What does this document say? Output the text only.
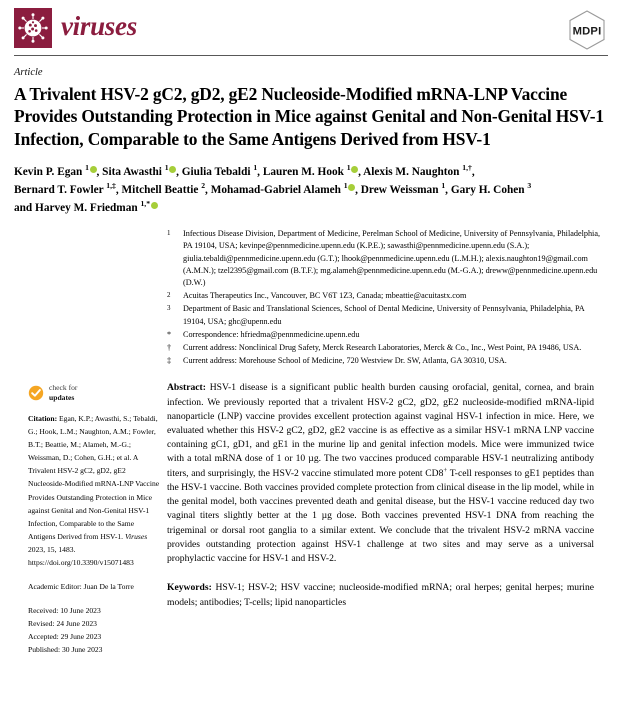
viruses	MDPI
Article
A Trivalent HSV-2 gC2, gD2, gE2 Nucleoside-Modified mRNA-LNP Vaccine Provides Outstanding Protection in Mice against Genital and Non-Genital HSV-1 Infection, Comparable to the Same Antigens Derived from HSV-1
Kevin P. Egan $^1$ , Sita Awasthi $^1$ , Giulia Tebaldi $^1$, Lauren M. Hook $^1$ , Alexis M. Naughton $^{1,\dagger}$,
Bernard T. Fowler $^{1,\ddagger}$, Mitchell Beattie $^2$, Mohamad-Gabriel Alameh $^1$ , Drew Weissman $^1$, Gary H. Cohen $^3$
and Harvey M. Friedman $^{1,*}$
1	Infectious Disease Division, Department of Medicine, Perelman School of Medicine, University of Pennsylvania, Philadelphia, PA 19104, USA; kevinpe@pennmedicine.upenn.edu (K.P.E.); sawasthi@pennmedicine.upenn.edu (S.A.); giulia.tebaldi@pennmedicine.upenn.edu (G.T.); lhook@pennmedicine.upenn.edu (L.M.H.); alexis.naughton19@gmail.com (A.M.N.); tzel2395@gmail.com (B.T.F.); mg.alameh@pennmedicine.upenn.edu (M.-G.A.); dreww@pennmedicine.upenn.edu (D.W.)
2	Acuitas Therapeutics Inc., Vancouver, BC V6T 1Z3, Canada; mbeattie@acuitastx.com
3	Department of Basic and Translational Sciences, School of Dental Medicine, University of Pennsylvania, Philadelphia, PA 19104, USA; ghc@upenn.edu
*	Correspondence: hfriedma@pennmedicine.upenn.edu
†	Current address: Nonclinical Drug Safety, Merck Research Laboratories, Merck & Co., Inc., West Point, PA 19486, USA.
‡	Current address: Morehouse School of Medicine, 720 Westview Dr. SW, Atlanta, GA 30310, USA.
check for
updates
Citation: Egan, K.P.; Awasthi, S.; Tebaldi, G.; Hook, L.M.; Naughton, A.M.; Fowler, B.T.; Beattie, M.; Alameh, M.-G.; Weissman, D.; Cohen, G.H.; et al. A Trivalent HSV-2 gC2, gD2, gE2 Nucleoside-Modified mRNA-LNP Vaccine Provides Outstanding Protection in Mice against Genital and Non-Genital HSV-1 Infection, Comparable to the Same Antigens Derived from HSV-1. Viruses 2023, 15, 1483. https://doi.org/10.3390/v15071483
Academic Editor: Juan De la Torre
Received: 10 June 2023
Revised: 24 June 2023
Accepted: 29 June 2023
Published: 30 June 2023

Abstract: HSV-1 disease is a significant public health burden causing orofacial, genital, cornea, and brain infection. We previously reported that a trivalent HSV-2 gC2, gD2, gE2 nucleoside-modified mRNA-lipid nanoparticle (LNP) vaccine provides excellent protection against vaginal HSV-1 infection in mice. Here, we evaluated whether this HSV-2 gC2, gD2, gE2 vaccine is as effective as a similar HSV-1 mRNA LNP vaccine containing gC1, gD1, and gE1 in the murine lip and genital infection models. Mice were immunized twice with a total mRNA dose of 1 or 10 µg. The two vaccines produced comparable HSV-1 neutralizing antibody titers, and surprisingly, the HSV-2 vaccine stimulated more potent CD8+ T-cell responses to gE1 peptides than the HSV-1 vaccine. Both vaccines provided complete protection from clinical disease in the lip model, while in the genital model, both vaccines prevented death and genital disease, but the HSV-1 vaccine reduced day two vaginal titers slightly better at the 1 µg dose. Both vaccines prevented HSV-1 DNA from reaching the trigeminal or dorsal root ganglia to a similar extent. We conclude that the trivalent HSV-2 mRNA vaccine provides outstanding protection against HSV-1 challenge at two sites and may serve as a universal prophylactic vaccine for HSV-1 and HSV-2.

Keywords: HSV-1; HSV-2; HSV vaccine; nucleoside-modified mRNA; oral herpes; genital herpes; murine models; antibodies; T-cells; lipid nanoparticles
